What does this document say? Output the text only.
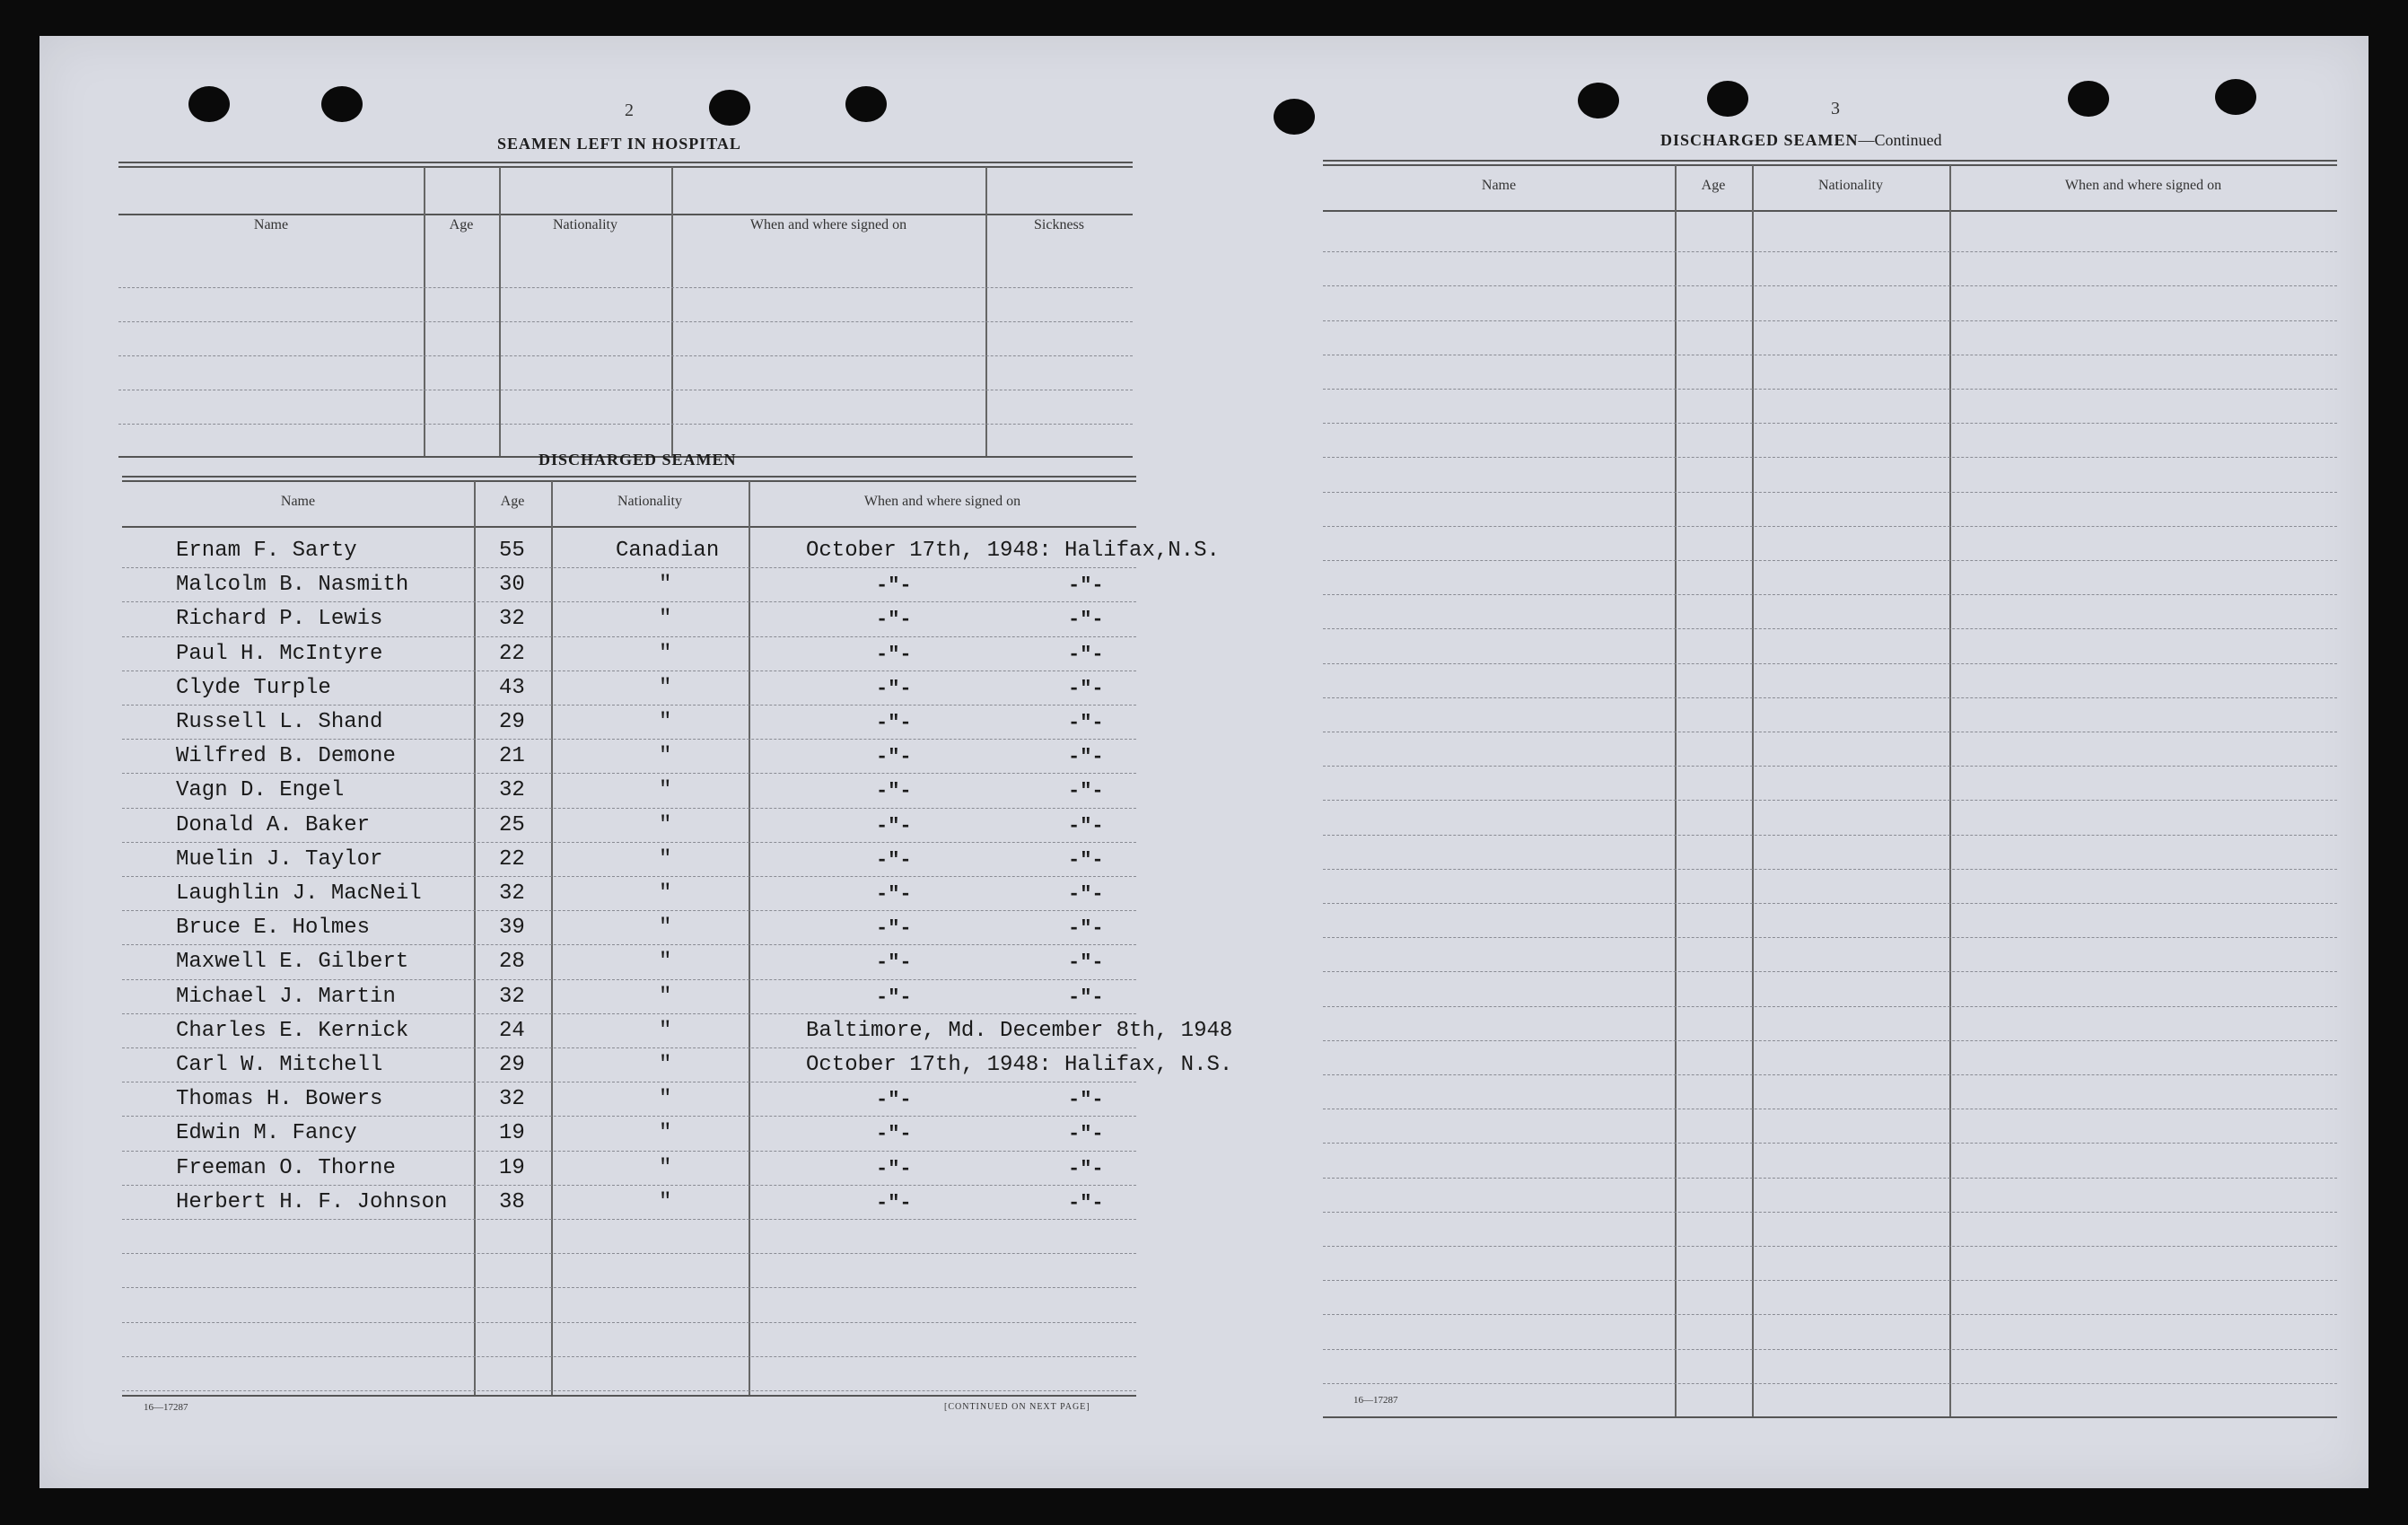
2
SEAMEN LEFT IN HOSPITAL
Name	Age	Nationality	When and where signed on	Sickness
DISCHARGED SEAMEN
Name	Age	Nationality	When and where signed on
Ernam F. Sarty	55	Canadian	October 17th, 1948: Halifax,N.S.
Malcolm B. Nasmith	30	"	-"-	-"-
Richard P. Lewis	32	"	-"-	-"-
Paul H. McIntyre	22	"	-"-	-"-
Clyde Turple	43	"	-"-	-"-
Russell L. Shand	29	"	-"-	-"-
Wilfred B. Demone	21	"	-"-	-"-
Vagn D. Engel	32	"	-"-	-"-
Donald A. Baker	25	"	-"-	-"-
Muelin J. Taylor	22	"	-"-	-"-
Laughlin J. MacNeil	32	"	-"-	-"-
Bruce E. Holmes	39	"	-"-	-"-
Maxwell E. Gilbert	28	"	-"-	-"-
Michael J. Martin	32	"	-"-	-"-
Charles E. Kernick	24	"	Baltimore, Md. December 8th, 1948
Carl W. Mitchell	29	"	October 17th, 1948: Halifax, N.S.
Thomas H. Bowers	32	"	-"-	-"-
Edwin M. Fancy	19	"	-"-	-"-
Freeman O. Thorne	19	"	-"-	-"-
Herbert H. F. Johnson 38	"	-"-	-"-
16—17287	[CONTINUED ON NEXT PAGE]
3
DISCHARGED SEAMEN—Continued
Name	Age	Nationality	When and where signed on
16—17287
